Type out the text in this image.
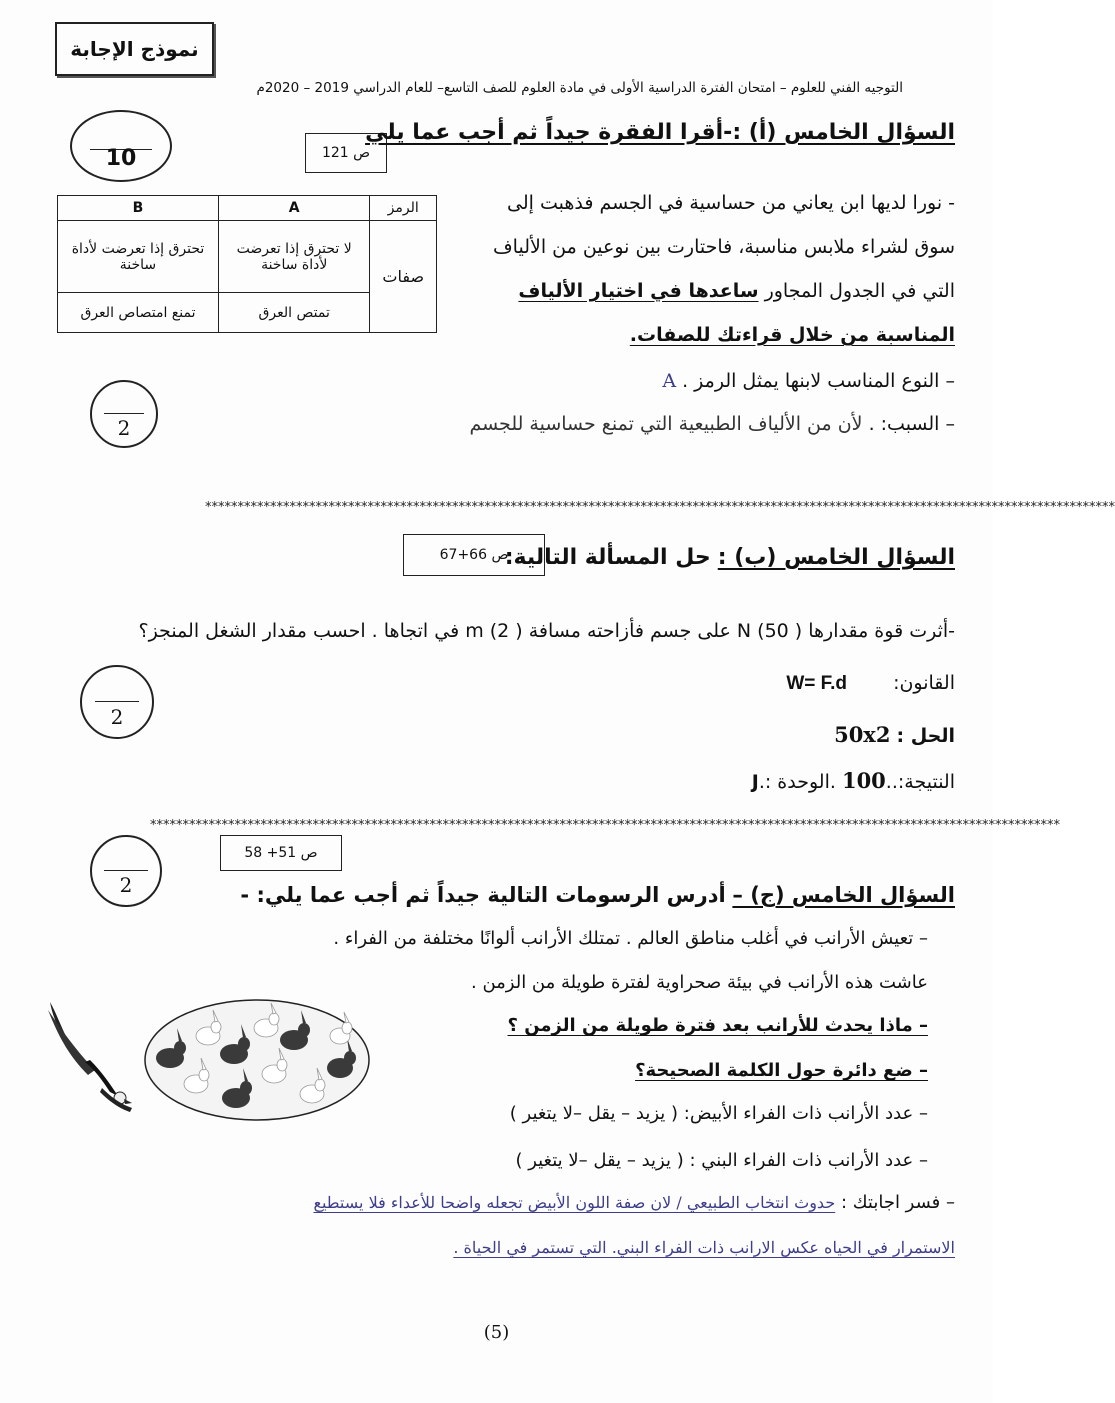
نموذج الإجابة
التوجيه الفني للعلوم – امتحان الفترة الدراسية الأولى في مادة العلوم للصف التاسع– للعام الدراسي 2019 – 2020م
10	ص 121
السؤال الخامس (أ) :-أقرا الفقرة جيداً ثم أجب عما يلي
- نورا لديها ابن يعاني من حساسية في الجسم فذهبت إلى
سوق لشراء ملابس مناسبة، فاحتارت بين نوعين من الألياف
التي في الجدول المجاور ساعدها في اختيار الألياف
المناسبة من خلال قراءتك للصفات.
الرمز	A	B
صفات	لا تحترق إذا تعرضت لأداة ساخنة	تحترق إذا تعرضت لأداة ساخنة
	تمتص العرق	تمنع امتصاص العرق
– النوع المناسب لابنها يمثل الرمز . A
– السبب: . لأن من الألياف الطبيعية التي تمنع حساسية للجسم
2
********************************************************************************************************************************************
ص 66+67	السؤال الخامس (ب) : حل المسألة التالية:
-أثرت قوة مقدارها ( 50) N على جسم فأزاحته مسافة ( 2) m في اتجاها . احسب مقدار الشغل المنجز؟
القانون: W= F.d
الحل : 50x2
النتيجة:..100 .الوحدة :.J
2
********************************************************************************************************************************************
ص 51+ 58
2	السؤال الخامس (ج) – أدرس الرسومات التالية جيداً ثم أجب عما يلي: -
– تعيش الأرانب في أغلب مناطق العالم . تمتلك الأرانب ألوانًا مختلفة من الفراء .
عاشت هذه الأرانب في بيئة صحراوية لفترة طويلة من الزمن .
– ماذا يحدث للأرانب بعد فترة طويلة من الزمن ؟
– ضع دائرة حول الكلمة الصحيحة؟
– عدد الأرانب ذات الفراء الأبيض: ( يزيد – يقل –لا يتغير )
– عدد الأرانب ذات الفراء البني : ( يزيد – يقل –لا يتغير )
– فسر اجابتك : حدوث انتخاب الطبيعي / لان صفة اللون الأبيض تجعله واضحا للأعداء فلا يستطيع
الاستمرار في الحياه عكس الارانب ذات الفراء البني. التي تستمر في الحياة .
(5)
